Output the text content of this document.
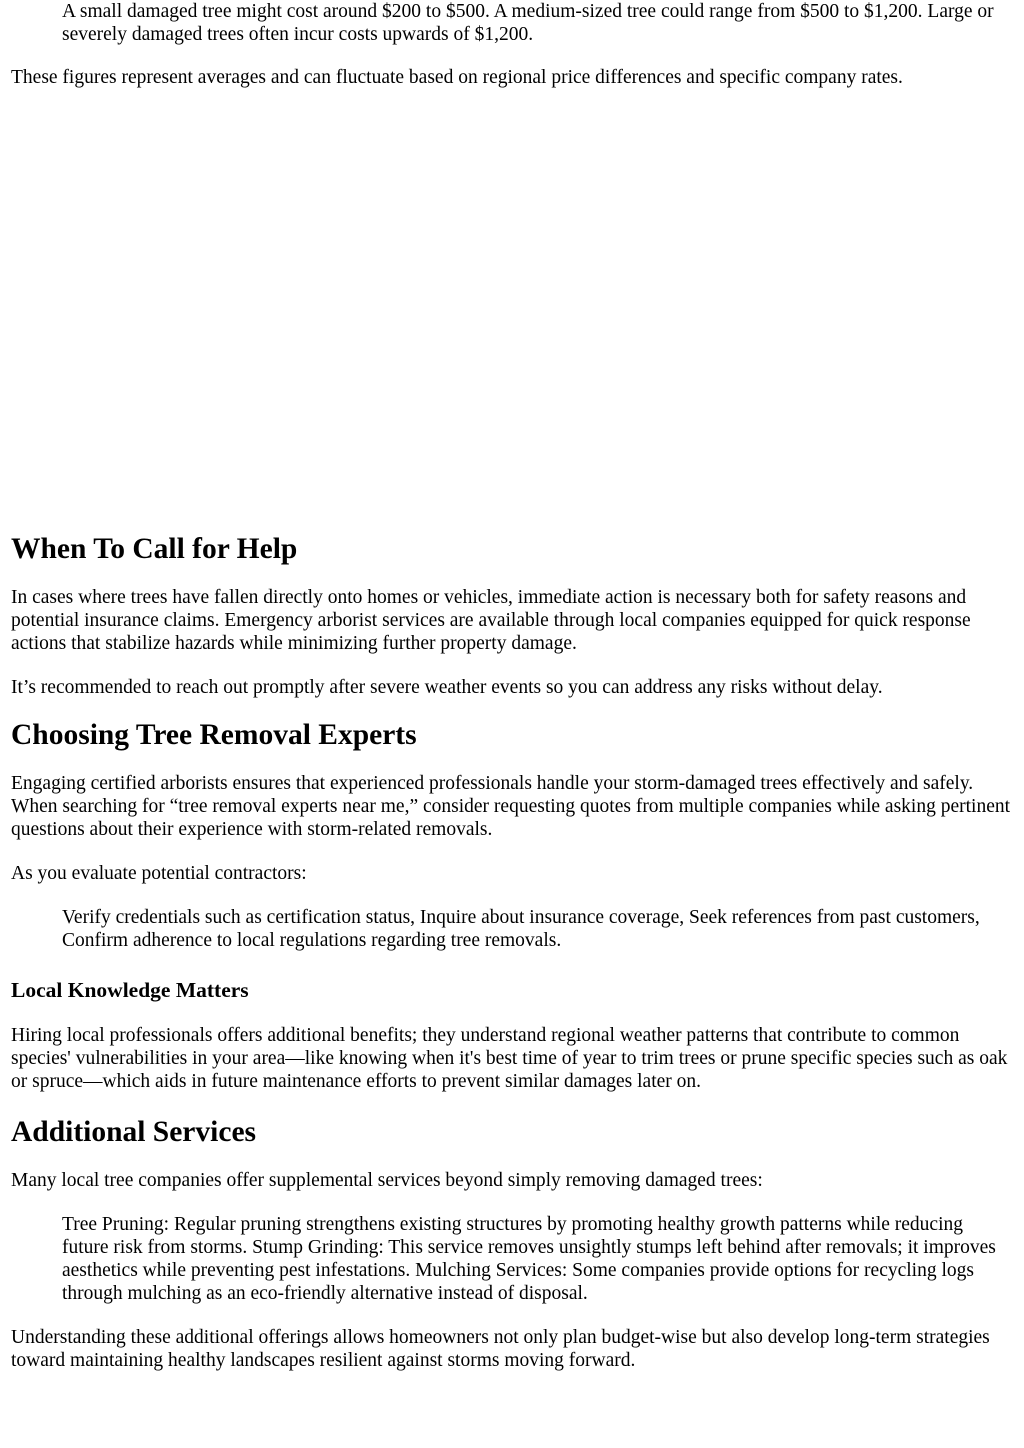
A small damaged tree might cost around $200 to $500. A medium-sized tree could range from $500 to $1,200. Large or severely damaged trees often incur costs upwards of $1,200.

These figures represent averages and can fluctuate based on regional price differences and specific company rates.

When To Call for Help

In cases where trees have fallen directly onto homes or vehicles, immediate action is necessary both for safety reasons and potential insurance claims. Emergency arborist services are available through local companies equipped for quick response actions that stabilize hazards while minimizing further property damage.

It’s recommended to reach out promptly after severe weather events so you can address any risks without delay.

Choosing Tree Removal Experts

Engaging certified arborists ensures that experienced professionals handle your storm-damaged trees effectively and safely. When searching for “tree removal experts near me,” consider requesting quotes from multiple companies while asking pertinent questions about their experience with storm-related removals.

As you evaluate potential contractors:

Verify credentials such as certification status, Inquire about insurance coverage, Seek references from past customers, Confirm adherence to local regulations regarding tree removals.

Local Knowledge Matters

Hiring local professionals offers additional benefits; they understand regional weather patterns that contribute to common species' vulnerabilities in your area—like knowing when it's best time of year to trim trees or prune specific species such as oak or spruce—which aids in future maintenance efforts to prevent similar damages later on.

Additional Services

Many local tree companies offer supplemental services beyond simply removing damaged trees:

Tree Pruning: Regular pruning strengthens existing structures by promoting healthy growth patterns while reducing future risk from storms. Stump Grinding: This service removes unsightly stumps left behind after removals; it improves aesthetics while preventing pest infestations. Mulching Services: Some companies provide options for recycling logs through mulching as an eco-friendly alternative instead of disposal.

Understanding these additional offerings allows homeowners not only plan budget-wise but also develop long-term strategies toward maintaining healthy landscapes resilient against storms moving forward.
